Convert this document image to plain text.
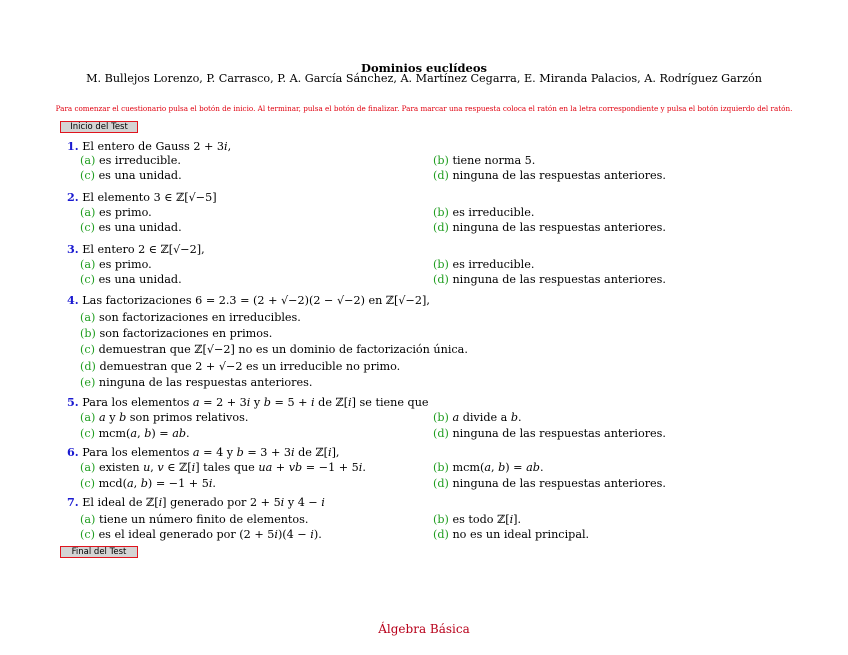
Dominios euclídeos
M. Bullejos Lorenzo, P. Carrasco, P. A. García Sánchez, A. Martínez Cegarra, E. Miranda Palacios, A. Rodríguez Garzón
Para comenzar el cuestionario pulsa el botón de inicio. Al terminar, pulsa el botón de finalizar. Para marcar una respuesta coloca el ratón en la letra correspondiente y pulsa el botón izquierdo del ratón.
Inicio del Test
1. El entero de Gauss 2 + 3𝑖,
(a) es irreducible.	(b) tiene norma 5.
(c) es una unidad.	(d) ninguna de las respuestas anteriores.
2. El elemento 3 ∈ ℤ[√−5]
(a) es primo.	(b) es irreducible.
(c) es una unidad.	(d) ninguna de las respuestas anteriores.
3. El entero 2 ∈ ℤ[√−2],
(a) es primo.	(b) es irreducible.
(c) es una unidad.	(d) ninguna de las respuestas anteriores.
4. Las factorizaciones 6 = 2.3 = (2 + √−2)(2 − √−2) en ℤ[√−2],
(a) son factorizaciones en irreducibles.
(b) son factorizaciones en primos.
(c) demuestran que ℤ[√−2] no es un dominio de factorización única.
(d) demuestran que 2 + √−2 es un irreducible no primo.
(e) ninguna de las respuestas anteriores.
5. Para los elementos 𝑎 = 2 + 3𝑖 y 𝑏 = 5 + 𝑖 de ℤ[𝑖] se tiene que
(a) 𝑎 y 𝑏 son primos relativos.	(b) 𝑎 divide a 𝑏.
(c) mcm(𝑎, 𝑏) = 𝑎𝑏.	(d) ninguna de las respuestas anteriores.
6. Para los elementos 𝑎 = 4 y 𝑏 = 3 + 3𝑖 de ℤ[𝑖],
(a) existen 𝑢, 𝑣 ∈ ℤ[𝑖] tales que 𝑢𝑎 + 𝑣𝑏 = −1 + 5𝑖.	(b) mcm(𝑎, 𝑏) = 𝑎𝑏.
(c) mcd(𝑎, 𝑏) = −1 + 5𝑖.	(d) ninguna de las respuestas anteriores.
7. El ideal de ℤ[𝑖] generado por 2 + 5𝑖 y 4 − 𝑖
(a) tiene un número finito de elementos.	(b) es todo ℤ[𝑖].
(c) es el ideal generado por (2 + 5𝑖)(4 − 𝑖).	(d) no es un ideal principal.
Final del Test
Álgebra Básica
